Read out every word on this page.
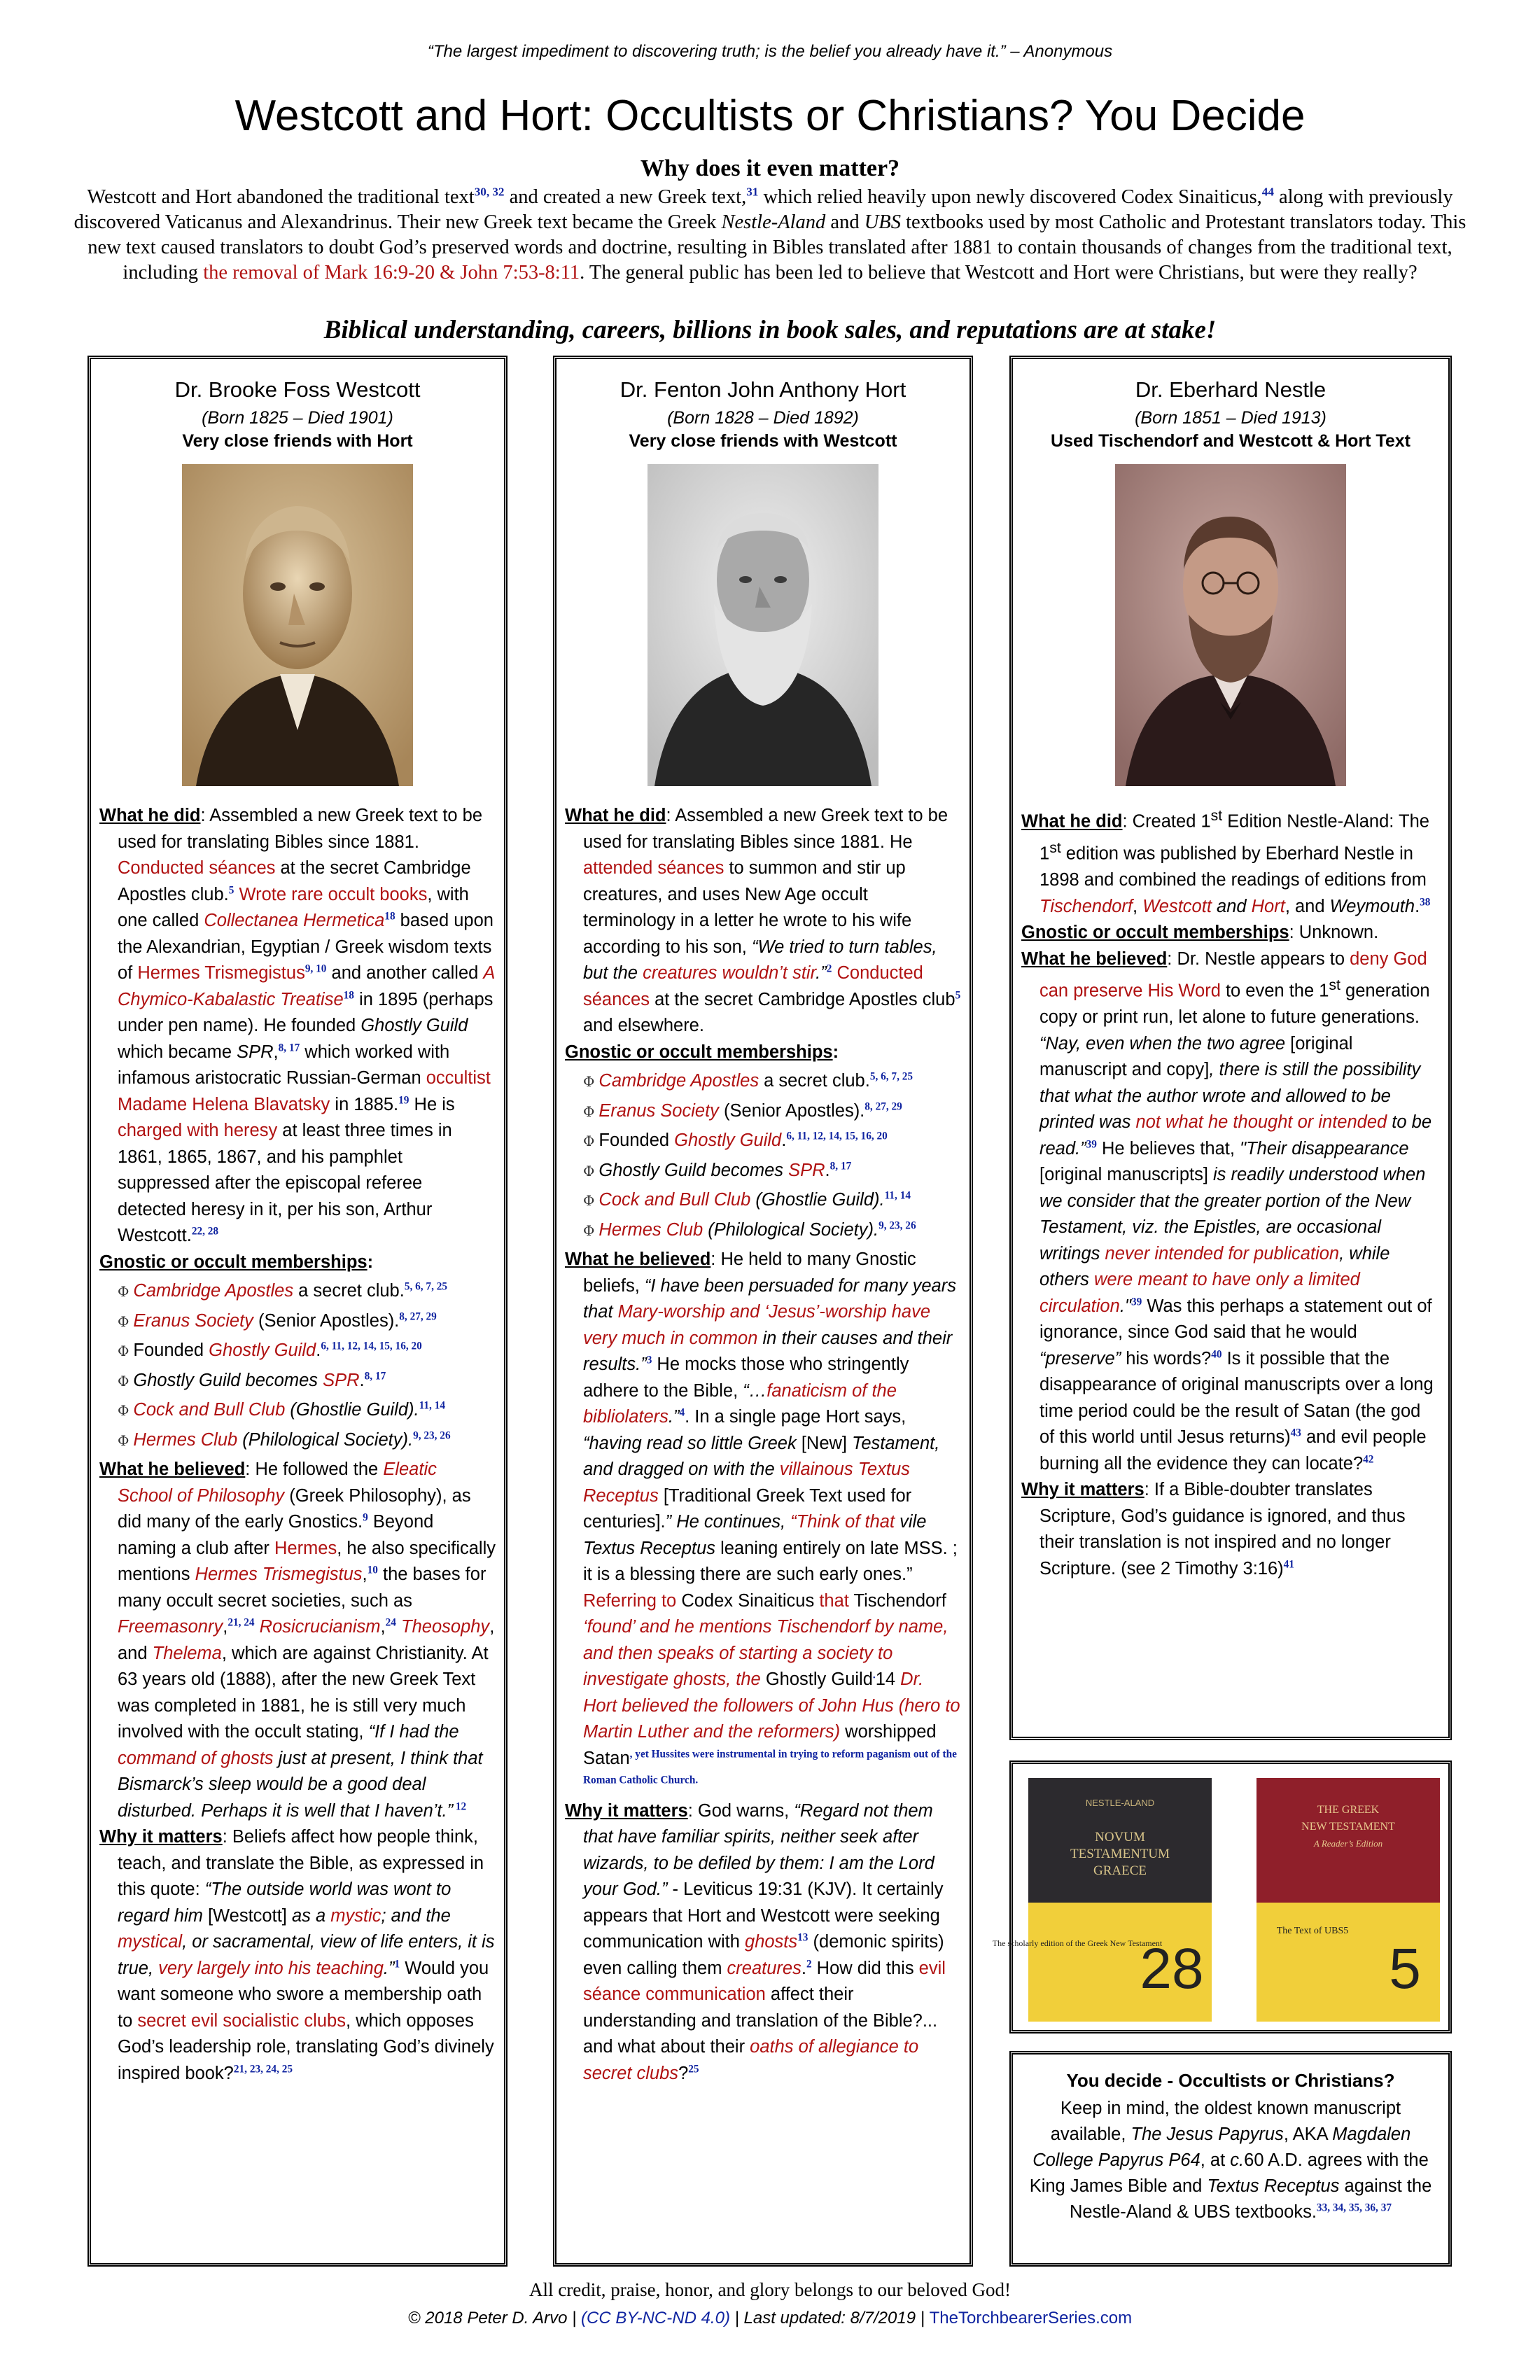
“The largest impediment to discovering truth; is the belief you already have it.” – Anonymous
Westcott and Hort: Occultists or Christians? You Decide
Why does it even matter?
Westcott and Hort abandoned the traditional text$^{30, 32}$ and created a new Greek text,$^{31}$ which relied heavily upon newly discovered Codex Sinaiticus,$^{44}$ along with previously discovered Vaticanus and Alexandrinus. Their new Greek text became the Greek Nestle-Aland and UBS textbooks used by most Catholic and Protestant translators today. This new text caused translators to doubt God’s preserved words and doctrine, resulting in Bibles translated after 1881 to contain thousands of changes from the traditional text, including the removal of Mark 16:9-20 & John 7:53-8:11. The general public has been led to believe that Westcott and Hort were Christians, but were they really?
Biblical understanding, careers, billions in book sales, and reputations are at stake!
Dr. Brooke Foss Westcott
(Born 1825 – Died 1901)
Very close friends with Hort
What he did: Assembled a new Greek text to be used for translating Bibles since 1881. Conducted séances at the secret Cambridge Apostles club.$^5$ Wrote rare occult books, with one called Collectanea Hermetica$^{18}$ based upon the Alexandrian, Egyptian / Greek wisdom texts of Hermes Trismegistus$^{9, 10}$ and another called A Chymico-Kabalastic Treatise$^{18}$ in 1895 (perhaps under pen name). He founded Ghostly Guild which became SPR,$^{8, 17}$ which worked with infamous aristocratic Russian-German occultist Madame Helena Blavatsky in 1885.19 He is charged with heresy at least three times in 1861, 1865, 1867, and his pamphlet suppressed after the episcopal referee detected heresy in it, per his son, Arthur Westcott.$^{22, 28}$
Gnostic or occult memberships:
Φ Cambridge Apostles a secret club.$^{5, 6, 7, 25}$
Φ Eranus Society (Senior Apostles).$^{8, 27, 29}$
Φ Founded Ghostly Guild.$^{6, 11, 12, 14, 15, 16, 20}$
Φ Ghostly Guild becomes SPR.$^{8, 17}$
Φ Cock and Bull Club (Ghostlie Guild).$^{11, 14}$
Φ Hermes Club (Philological Society).$^{9, 23, 26}$
What he believed: He followed the Eleatic School of Philosophy (Greek Philosophy), as did many of the early Gnostics.$^9$ Beyond naming a club after Hermes, he also specifically mentions Hermes Trismegistus,$^{10}$ the bases for many occult secret societies, such as Freemasonry,$^{21, 24}$ Rosicrucianism,$^{24}$ Theosophy, and Thelema, which are against Christianity. At 63 years old (1888), after the new Greek Text was completed in 1881, he is still very much involved with the occult stating, “If I had the command of ghosts just at present, I think that Bismarck’s sleep would be a good deal disturbed. Perhaps it is well that I haven’t.” $^{12}$
Why it matters: Beliefs affect how people think, teach, and translate the Bible, as expressed in this quote: “The outside world was wont to regard him [Westcott] as a mystic; and the mystical, or sacramental, view of life enters, it is true, very largely into his teaching.”$^1$ Would you want someone who swore a membership oath to secret evil socialistic clubs, which opposes God’s leadership role, translating God’s divinely inspired book?$^{21, 23, 24, 25}$
Dr. Fenton John Anthony Hort
(Born 1828 – Died 1892)
Very close friends with Westcott
What he did: Assembled a new Greek text to be used for translating Bibles since 1881. He attended séances to summon and stir up creatures, and uses New Age occult terminology in a letter he wrote to his wife according to his son, “We tried to turn tables, but the creatures wouldn’t stir.”$^2$ Conducted séances at the secret Cambridge Apostles club$^5$ and elsewhere.
Gnostic or occult memberships:
Φ Cambridge Apostles a secret club.$^{5, 6, 7, 25}$
Φ Eranus Society (Senior Apostles).$^{8, 27, 29}$
Φ Founded Ghostly Guild.$^{6, 11, 12, 14, 15, 16, 20}$
Φ Ghostly Guild becomes SPR.$^{8, 17}$
Φ Cock and Bull Club (Ghostlie Guild).$^{11, 14}$
Φ Hermes Club (Philological Society).$^{9, 23, 26}$
What he believed: He held to many Gnostic beliefs, “I have been persuaded for many years that Mary-worship and ‘Jesus’-worship have very much in common in their causes and their results.”$^3$ He mocks those who stringently adhere to the Bible, “…fanaticism of the bibliolaters.”$^4$. In a single page Hort says, “having read so little Greek [New] Testament, and dragged on with the villainous Textus Receptus [Traditional Greek Text used for centuries].” He continues, “Think of that vile Textus Receptus leaning entirely on late MSS. ; it is a blessing there are such early ones.” Referring to Codex Sinaiticus that Tischendorf ‘found’ and he mentions Tischendorf by name, and then speaks of starting a society to investigate ghosts, the Ghostly Guild.14 Dr. Hort believed the followers of John Hus (hero to Martin Luther and the reformers) worshipped Satan$^{, yet Hussites were instrumental in trying to reform paganism out of the Roman Catholic Church.}$
Why it matters: God warns, “Regard not them that have familiar spirits, neither seek after wizards, to be defiled by them: I am the Lord your God.” - Leviticus 19:31 (KJV). It certainly appears that Hort and Westcott were seeking communication with ghosts$^{13}$ (demonic spirits) even calling them creatures.$^2$ How did this evil séance communication affect their understanding and translation of the Bible?... and what about their oaths of allegiance to secret clubs?$^{25}$
Dr. Eberhard Nestle
(Born 1851 – Died 1913)
Used Tischendorf and Westcott & Hort Text
What he did: Created 1st Edition Nestle-Aland: The 1st edition was published by Eberhard Nestle in 1898 and combined the readings of editions from Tischendorf, Westcott and Hort, and Weymouth.$^{38}$
Gnostic or occult memberships: Unknown.
What he believed: Dr. Nestle appears to deny God can preserve His Word to even the 1st generation copy or print run, let alone to future generations. “Nay, even when the two agree [original manuscript and copy], there is still the possibility that what the author wrote and allowed to be printed was not what he thought or intended to be read.”$^{39}$ He believes that, "Their disappearance [original manuscripts] is readily understood when we consider that the greater portion of the New Testament, viz. the Epistles, are occasional writings never intended for publication, while others were meant to have only a limited circulation."$^{39}$ Was this perhaps a statement out of ignorance, since God said that he would “preserve” his words?$^{40}$ Is it possible that the disappearance of original manuscripts over a long time period could be the result of Satan (the god of this world until Jesus returns)$^{43}$ and evil people burning all the evidence they can locate?$^{42}$
Why it matters: If a Bible-doubter translates Scripture, God’s guidance is ignored, and thus their translation is not inspired and no longer Scripture. (see 2 Timothy 3:16)$^{41}$
NESTLE-ALAND
NOVUM
TESTAMENTUM
GRAECE
The scholarly edition of the Greek New Testament
28
THE GREEK
NEW TESTAMENT
A Reader’s Edition
The Text of UBS5
5
You decide - Occultists or Christians?
Keep in mind, the oldest known manuscript available, The Jesus Papyrus, AKA Magdalen College Papyrus P64, at c.60 A.D. agrees with the King James Bible and Textus Receptus against the Nestle-Aland & UBS textbooks.$^{33, 34, 35, 36, 37}$
All credit, praise, honor, and glory belongs to our beloved God!
© 2018 Peter D. Arvo | (CC BY-NC-ND 4.0) | Last updated: 8/7/2019 | TheTorchbearerSeries.com
